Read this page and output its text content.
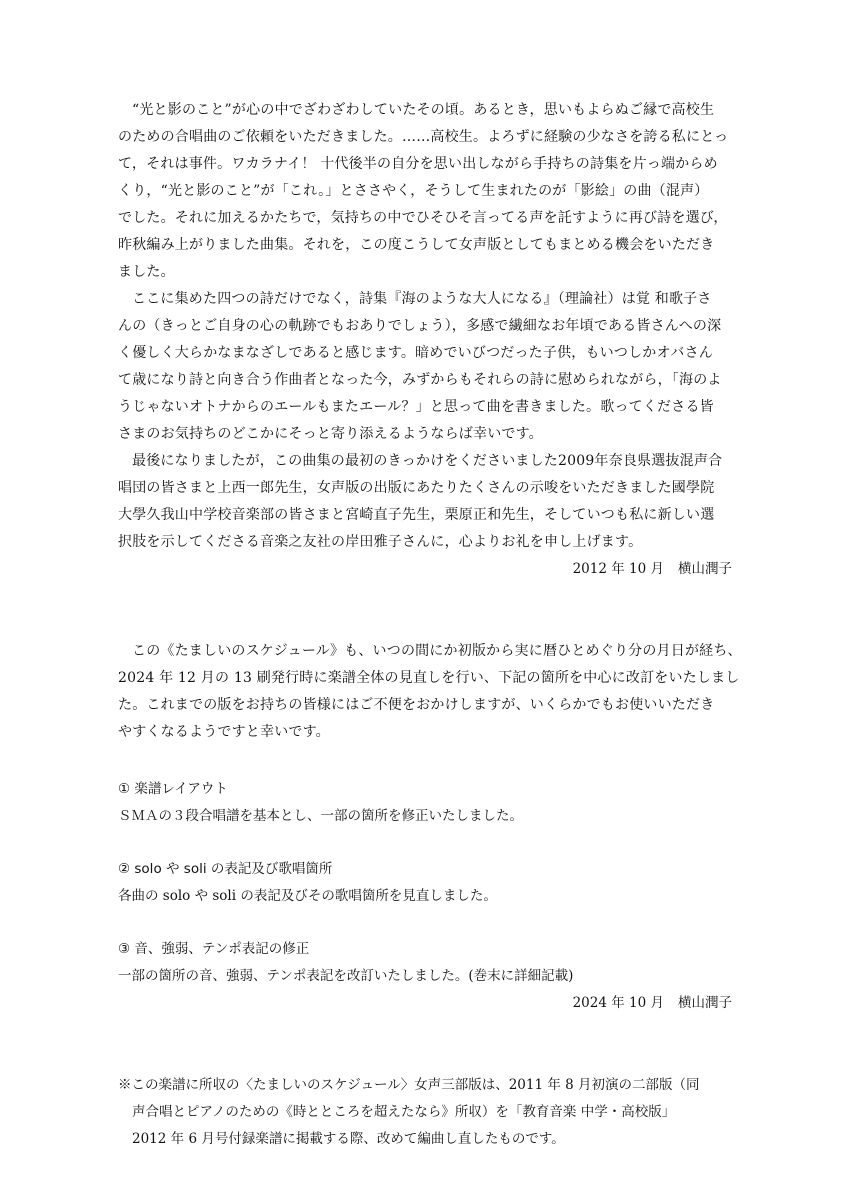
“光と影のこと”が心の中でざわざわしていたその頃。あるとき，思いもよらぬご縁で高校生
のための合唱曲のご依頼をいただきました。……高校生。よろずに経験の少なさを誇る私にとっ
て，それは事件。ワカラナイ！ 十代後半の自分を思い出しながら手持ちの詩集を片っ端からめ
くり，“光と影のこと”が「これ。」とささやく，そうして生まれたのが「影絵」の曲（混声）
でした。それに加えるかたちで，気持ちの中でひそひそ言ってる声を託すように再び詩を選び，
昨秋編み上がりました曲集。それを，この度こうして女声版としてもまとめる機会をいただき
ました。

ここに集めた四つの詩だけでなく，詩集『海のような大人になる』（理論社）は覚 和歌子さ
んの（きっとご自身の心の軌跡でもおありでしょう），多感で繊細なお年頃である皆さんへの深
く優しく大らかなまなざしであると感じます。暗めでいびつだった子供，もいつしかオバさん
て歳になり詩と向き合う作曲者となった今，みずからもそれらの詩に慰められながら，「海のよ
うじゃないオトナからのエールもまたエール？」と思って曲を書きました。歌ってくださる皆
さまのお気持ちのどこかにそっと寄り添えるようならば幸いです。

最後になりましたが，この曲集の最初のきっかけをくださいました2009年奈良県選抜混声合
唱団の皆さまと上西一郎先生，女声版の出版にあたりたくさんの示唆をいただきました國學院
大學久我山中学校音楽部の皆さまと宮崎直子先生，栗原正和先生，そしていつも私に新しい選
択肢を示してくださる音楽之友社の岸田雅子さんに，心よりお礼を申し上げます。

2012 年 10 月 横山潤子

この《たましいのスケジュール》も、いつの間にか初版から実に暦ひとめぐり分の月日が経ち、
2024 年 12 月の 13 刷発行時に楽譜全体の見直しを行い、下記の箇所を中心に改訂をいたしまし
た。これまでの版をお持ちの皆様にはご不便をおかけしますが、いくらかでもお使いいただき
やすくなるようですと幸いです。

① 楽譜レイアウト

ＳＭＡの３段合唱譜を基本とし、一部の箇所を修正いたしました。

② solo や soli の表記及び歌唱箇所

各曲の solo や soli の表記及びその歌唱箇所を見直しました。

③ 音、強弱、テンポ表記の修正

一部の箇所の音、強弱、テンポ表記を改訂いたしました。(巻末に詳細記載)

2024 年 10 月 横山潤子

※この楽譜に所収の〈たましいのスケジュール〉女声三部版は、2011 年 8 月初演の二部版（同
声合唱とピアノのための《時とところを超えたなら》所収）を「教育音楽 中学・高校版」
2012 年 6 月号付録楽譜に掲載する際、改めて編曲し直したものです。
